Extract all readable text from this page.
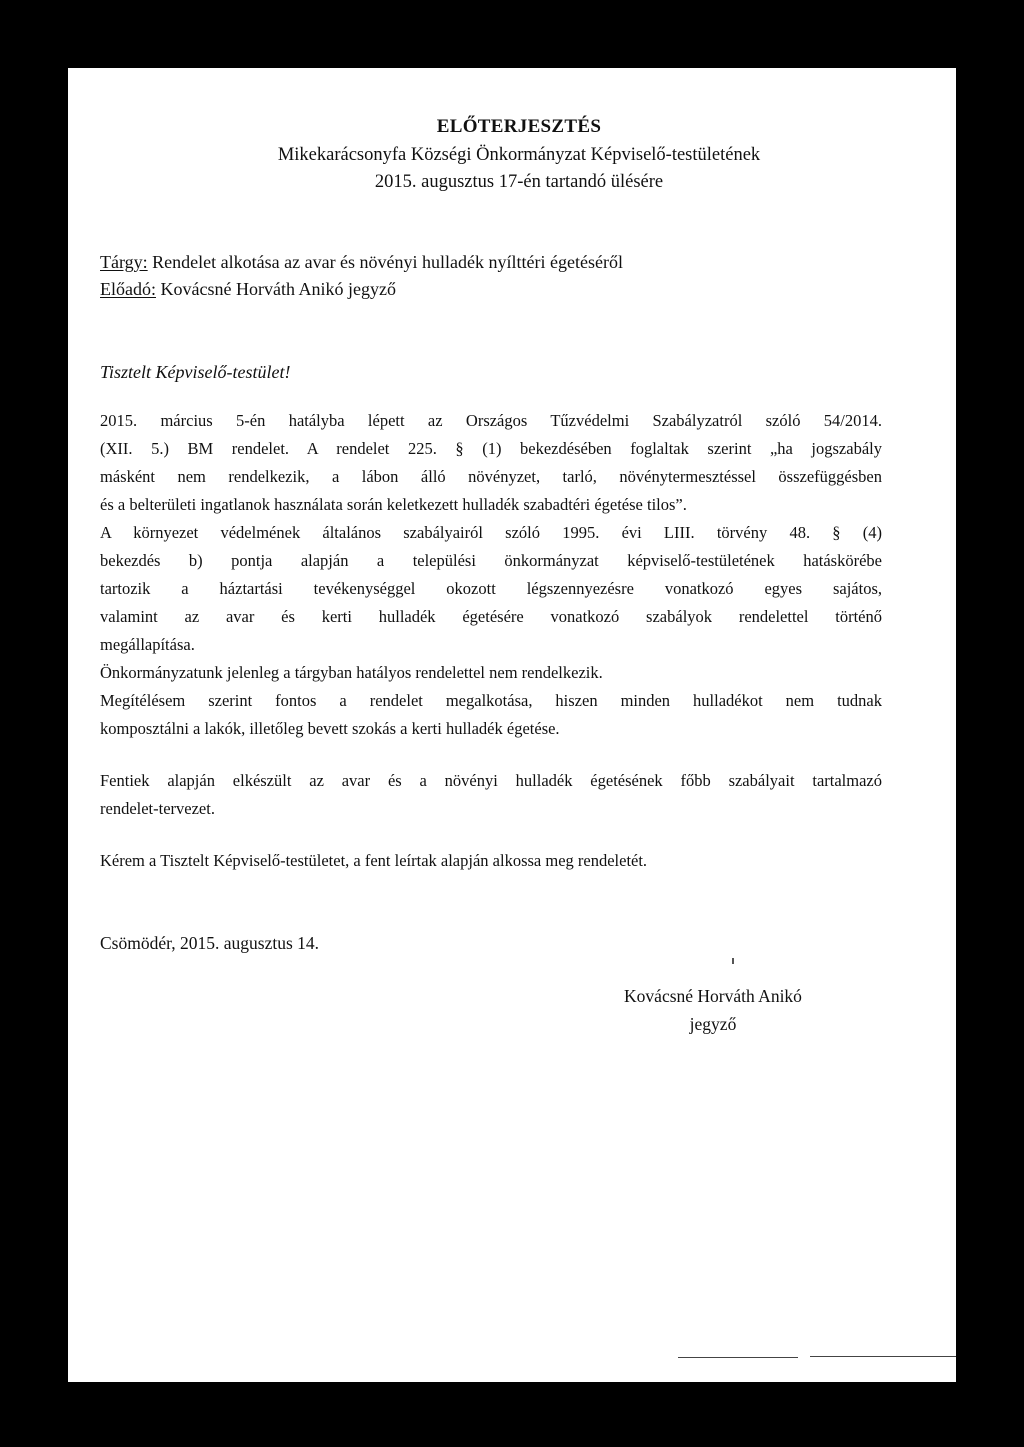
ELŐTERJESZTÉS
Mikekarácsonyfa Községi Önkormányzat Képviselő-testületének
2015. augusztus 17-én tartandó ülésére
Tárgy: Rendelet alkotása az avar és növényi hulladék nyílttéri égetéséről
Előadó: Kovácsné Horváth Anikó jegyző
Tisztelt Képviselő-testület!
2015. március 5-én hatályba lépett az Országos Tűzvédelmi Szabályzatról szóló 54/2014.
(XII. 5.) BM rendelet. A rendelet 225. § (1) bekezdésében foglaltak szerint „ha jogszabály
másként nem rendelkezik, a lábon álló növényzet, tarló, növénytermesztéssel összefüggésben
és a belterületi ingatlanok használata során keletkezett hulladék szabadtéri égetése tilos”.
A környezet védelmének általános szabályairól szóló 1995. évi LIII. törvény 48. § (4)
bekezdés b) pontja alapján a települési önkormányzat képviselő-testületének hatáskörébe
tartozik a háztartási tevékenységgel okozott légszennyezésre vonatkozó egyes sajátos,
valamint az avar és kerti hulladék égetésére vonatkozó szabályok rendelettel történő
megállapítása.
Önkormányzatunk jelenleg a tárgyban hatályos rendelettel nem rendelkezik.
Megítélésem szerint fontos a rendelet megalkotása, hiszen minden hulladékot nem tudnak
komposztálni a lakók, illetőleg bevett szokás a kerti hulladék égetése.
Fentiek alapján elkészült az avar és a növényi hulladék égetésének főbb szabályait tartalmazó
rendelet-tervezet.
Kérem a Tisztelt Képviselő-testületet, a fent leírtak alapján alkossa meg rendeletét.
Csömödér, 2015. augusztus 14.
Kovácsné Horváth Anikó
jegyző
